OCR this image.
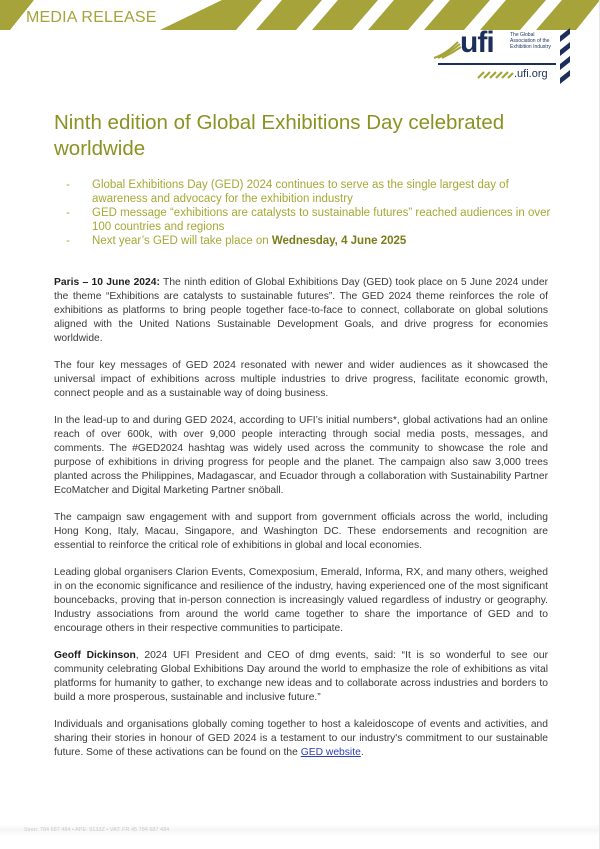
MEDIA RELEASE
ufi	The Global Association of the Exhibition Industry
.ufi.org
Ninth edition of Global Exhibitions Day celebrated worldwide
- Global Exhibitions Day (GED) 2024 continues to serve as the single largest day of awareness and advocacy for the exhibition industry
- GED message “exhibitions are catalysts to sustainable futures” reached audiences in over 100 countries and regions
- Next year’s GED will take place on Wednesday, 4 June 2025

Paris – 10 June 2024: The ninth edition of Global Exhibitions Day (GED) took place on 5 June 2024 under the theme “Exhibitions are catalysts to sustainable futures”. The GED 2024 theme reinforces the role of exhibitions as platforms to bring people together face-to-face to connect, collaborate on global solutions aligned with the United Nations Sustainable Development Goals, and drive progress for economies worldwide.

The four key messages of GED 2024 resonated with newer and wider audiences as it showcased the universal impact of exhibitions across multiple industries to drive progress, facilitate economic growth, connect people and as a sustainable way of doing business.

In the lead-up to and during GED 2024, according to UFI’s initial numbers*, global activations had an online reach of over 600k, with over 9,000 people interacting through social media posts, messages, and comments. The #GED2024 hashtag was widely used across the community to showcase the role and purpose of exhibitions in driving progress for people and the planet. The campaign also saw 3,000 trees planted across the Philippines, Madagascar, and Ecuador through a collaboration with Sustainability Partner EcoMatcher and Digital Marketing Partner snöball.

The campaign saw engagement with and support from government officials across the world, including Hong Kong, Italy, Macau, Singapore, and Washington DC. These endorsements and recognition are essential to reinforce the critical role of exhibitions in global and local economies.

Leading global organisers Clarion Events, Comexposium, Emerald, Informa, RX, and many others, weighed in on the economic significance and resilience of the industry, having experienced one of the most significant bouncebacks, proving that in-person connection is increasingly valued regardless of industry or geography. Industry associations from around the world came together to share the importance of GED and to encourage others in their respective communities to participate.

Geoff Dickinson, 2024 UFI President and CEO of dmg events, said: “It is so wonderful to see our community celebrating Global Exhibitions Day around the world to emphasize the role of exhibitions as vital platforms for humanity to gather, to exchange new ideas and to collaborate across industries and borders to build a more prosperous, sustainable and inclusive future.”

Individuals and organisations globally coming together to host a kaleidoscope of events and activities, and sharing their stories in honour of GED 2024 is a testament to our industry's commitment to our sustainable future. Some of these activations can be found on the GED website.

Siren: 784 687 484 • APE: 9133Z • VAT: FR 45 784 687 484
